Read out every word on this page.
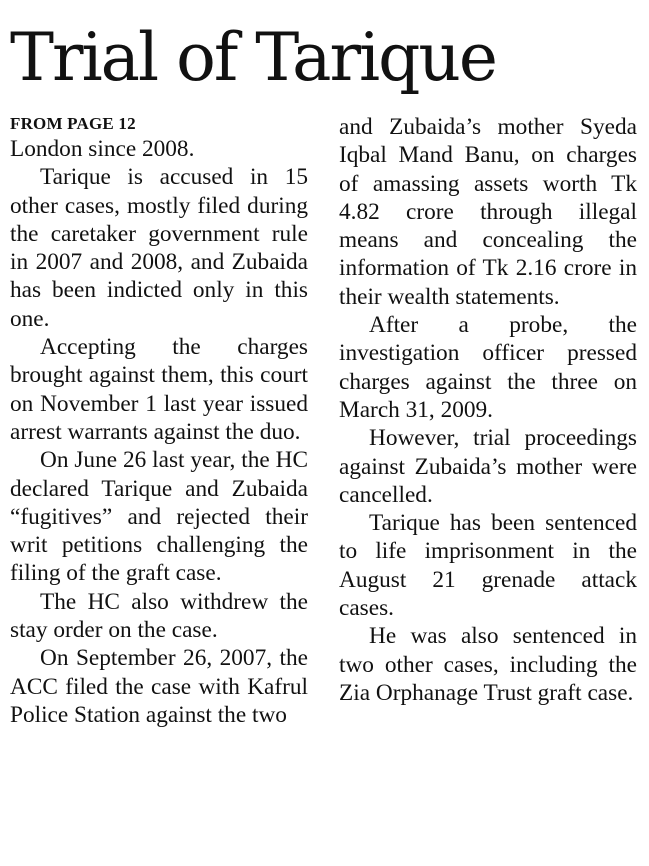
Trial of Tarique
FROM PAGE 12

London since 2008.

Tarique is accused in 15 other cases, mostly filed during the caretaker government rule in 2007 and 2008, and Zubaida has been indicted only in this one.

Accepting the charges brought against them, this court on November 1 last year issued arrest warrants against the duo.

On June 26 last year, the HC declared Tarique and Zubaida “fugitives” and rejected their writ petitions challenging the filing of the graft case.

The HC also withdrew the stay order on the case.

On September 26, 2007, the ACC filed the case with Kafrul Police Station against the two

and Zubaida’s mother Syeda Iqbal Mand Banu, on charges of amassing assets worth Tk 4.82 crore through illegal means and concealing the information of Tk 2.16 crore in their wealth statements.

After a probe, the investigation officer pressed charges against the three on March 31, 2009.

However, trial proceedings against Zubaida’s mother were cancelled.

Tarique has been sentenced to life imprisonment in the August 21 grenade attack cases.

He was also sentenced in two other cases, including the Zia Orphanage Trust graft case.
